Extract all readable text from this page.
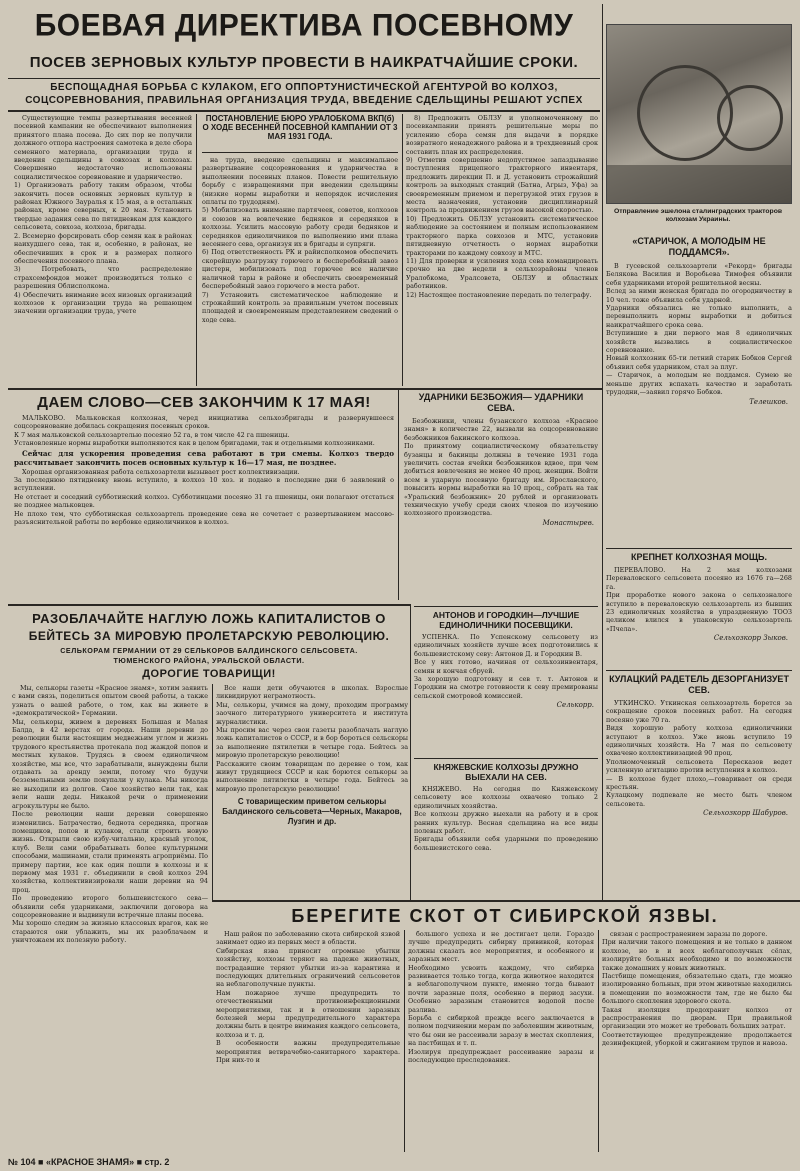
БОЕВАЯ ДИРЕКТИВА ПОСЕВНОМУ
ПОСЕВ ЗЕРНОВЫХ КУЛЬТУР ПРОВЕСТИ В НАИКРАТЧАЙШИЕ СРОКИ.
БЕСПОЩАДНАЯ БОРЬБА С КУЛАКОМ, ЕГО ОППОРТУНИСТИЧЕСКОЙ АГЕНТУРОЙ ВО КОЛХОЗ,
СОЦСОРЕВНОВАНИЯ, ПРАВИЛЬНАЯ ОРГАНИЗАЦИЯ ТРУДА, ВВЕДЕНИЕ СДЕЛЬЩИНЫ РЕШАЮТ УСПЕХ
Отправление эшелона сталинградских тракторов колхозам Украины.
Существующие темпы развертывания весенней посевной кампании не обеспечивают выполнения принятого плана посева. До сих пор не получили должного отпора настроения самотека в деле сбора семенного материала, организации труда и введения сдельщины в совхозах и колхозах. Совершенно недостаточно использованы социалистическое соревнование и ударничество.
1) Организовать работу таким образом, чтобы закончить посев основных зерновых культур в районах Южного Зауралья к 15 мая, а в остальных районах, кроме северных, к 20 мая. Установить твердые задания сева по пятидневкам для каждого сельсовета, совхоза, колхоза, бригады.
2. Всемерно форсировать сбор семян как в районах наихудшего сева, так и, особенно, в районах, не обеспечивших в срок и в размерах полного обеспечения посевного плана.
3) Потребовать, что распределение страхсемфондов может производиться только с разрешения Облисполкома.
4) Обеспечить внимание всех низовых организаций колхозов к организации труда на решающем значении организации труда, учете
ПОСТАНОВЛЕНИЕ БЮРО УРАЛОБКОМА ВКП(б) О ХОДЕ ВЕСЕННЕЙ ПОСЕВНОЙ КАМПАНИИ ОТ 3 МАЯ 1931 ГОДА.
на труда, введение сдельщины и максимальное развертывание соцсоревнования и ударничества в выполнении посевных планов. Повести решительную борьбу с извращениями при введении сдельщины (низкие нормы выработки и непорядок исчисления оплаты по трудодням).
5) Мобилизовать внимание партячеек, советов, колхозов и союзов на вовлечение бедняков и середняков в колхозы. Усилить массовую работу среди бедняков и середняков единоличников по выполнению ими плана весеннего сева, организуя их в бригады и супряги.
6) Под ответственность РК и райисполкомов обеспечить скорейшую разгрузку горючего и бесперебойный завоз цистерн, мобилизовать под горючее все наличие наличной тары в районе и обеспечить своевременный бесперебойный завоз горючего в места работ.
7) Установить систематическое наблюдение и строжайший контроль за правильным учетом посевных площадей и своевременным представлением сведений о ходе сева.
8) Предложить ОБЛЗУ и уполномоченному по посевкампании принять решительные меры по усилению сбора семян для выдачи в порядке возвратного ненадежного района и в трехдневный срок составить план их распределения.
9) Отметив совершенно недопустимое запаздывание поступления прицепного тракторного инвентаря, предложить дирекции П. и Д. установить строжайший контроль за выходных станций (Батна, Агрыз, Уфа) за своевременным приемом и перегрузкой этих грузов в места назначения, установив дисциплинарный контроль за продвижением грузов высокой скоростью.
10) Предложить ОБЛЗУ установить систематическое наблюдение за состоянием и полным использованием тракторного парка совхозов и МТС, установив пятидневную отчетность о нормах выработки тракторами по каждому совхозу и МТС.
11) Для проверки и усиления хода сева командировать срочно на две недели в сельхозрайоны членов Уралобкома, Уралсовета, ОБЛЗУ и областных работников.
12) Настоящее постановление передать по телеграфу.
«СТАРИЧОК, А МОЛОДЫМ НЕ ПОДДАМСЯ».
В гусевской сельхозартели «Рекорд» бригады Белякова Василия и Воробьева Тимофея объявили себя ударниками второй решительной весны.
Вслед за ними женская бригада по огородничеству в 10 чел. тоже объявила себя ударной.
Ударники обязались не только выполнить, а перевыполнить нормы выработки и добиться наикратчайшего срока сева.
Вступившие в дни первого мая 8 единоличных хозяйств вызвались в социалистическое соревнование.
Новый колхозник 65-ти летний старик Бобков Сергей объявил себя ударником, стал за плуг.
— Старичок, а молодым не поддамся. Сумею не меньше других вспахать качество и заработать трудодни,—заявил горячо Бобков.
Телешков.
КРЕПНЕТ КОЛХОЗНАЯ МОЩЬ.
ПЕРЕВАЛОВО. На 2 мая колхозами Переваловского сельсовета посеяно из 1676 га—268 га.
При проработке нового закона о сельхозналоге вступило в переваловскую сельхозартель из бывших 23 единоличных хозяйства в упраздненную ТООЗ целиком влился в упаковскую сельхозартель «Пчела».
Сельхозкорр Зыков.
КУЛАЦКИЙ РАДЕТЕЛЬ ДЕЗОРГАНИЗУЕТ СЕВ.
УТКИНСКО. Уткинская сельхозартель борется за сокращение сроков посевных работ. На сегодня посеяно уже 70 га.
Видя хорошую работу колхоза единоличники вступают в колхоз. Уже вновь вступило 19 единоличных хозяйств. На 7 мая по сельсовету охвачено коллективизацией 90 проц.
Уполномоченный сельсовета Пересказов ведет усиленную агитацию против вступления в колхоз.
— В колхозе будет плохо,—говаривает он среди крестьян.
Кулацкому подпевале не место быть членом сельсовета.
Сельхозкорр Шабуров.
ДАЕМ СЛОВО—СЕВ ЗАКОНЧИМ К 17 МАЯ!
МАЛЬКОВО. Мальковская колхозная, черед инициатива сельхозбригады и развернувшееся соцсоревнование добилась сокращения посевных сроков.
К 7 мая мальковской сельхозартелью посеяно 52 га, в том числе 42 га пшеницы.
Установленные нормы выработки выполняются как в целом бригадами, так и отдельными колхозниками.
Сейчас для ускорения проведения сева работают в три смены. Колхоз твердо рассчитывает закончить посев основных культур к 16—17 мая, не позднее.
Хорошая организованная работа сельхозартели вызывает рост коллективизации.
За последнюю пятидневку вновь вступило, в колхоз 10 хоз. и подано в последние дни 6 заявлений о вступлении.
Не отстает и соседний субботинский колхоз. Субботинцами посеяно 31 га пшеницы, они полагают отстаться не позднее мальковцев.
Не плохо тем, что субботинская сельхозартель проведение сева не сочетает с развертыванием массово-разъяснительной работы по вербовке единоличников в колхоз.
УДАРНИКИ БЕЗБОЖИЯ— УДАРНИКИ СЕВА.
Безбожники, члены бузанского колхоза «Красное знамя» в количестве 22, вызвали на соцсоревнование безбожников бакинского колхоза.
По принятому социалистическому обязательству бузанцы и бакинцы должны в течение 1931 года увеличить состав ячейки безбожников вдвое, при чем добиться вовлечения не менее 40 проц. женщин. Войти всем в ударную посевную бригаду им. Ярославского, повысить нормы выработки на 10 проц., собрать на так «Уральский безбожник» 20 рублей и организовать техническую учебу среди своих членов по изучению колхозного производства.
Монастырев.
АНТОНОВ И ГОРОДКИН—ЛУЧШИЕ ЕДИНОЛИЧНИКИ ПОСЕВЩИКИ.
УСПЕНКА. По Успенскому сельсовету из единоличных хозяйств лучше всех подготовились к большевистскому севу: Антонов Д. и Городкин В.
Все у них готово, начиная от сельхозинвентаря, семян и кончая сбруей.
За хорошую подготовку и сев т. т. Антонов и Городкин на смотре готовности к севу премированы сельской смотровой комиссией.
Селькорр.
КНЯЖЕВСКИЕ КОЛХОЗЫ ДРУЖНО ВЫЕХАЛИ НА СЕВ.
КНЯЖЕВО. На сегодня по Княжевскому сельсовету все колхозы охвачено только 2 единоличных хозяйства.
Все колхозы дружно выехали на работу и в срок ранних культур. Весная сдельщина на все виды полевых работ.
Бригады объявили себя ударными по проведению большевистского сева.
РАЗОБЛАЧАЙТЕ НАГЛУЮ ЛОЖЬ КАПИТАЛИСТОВ О
БЕЙТЕСЬ ЗА МИРОВУЮ ПРОЛЕТАРСКУЮ РЕВОЛЮЦИЮ.
СЕЛЬКОРАМ ГЕРМАНИИ ОТ 29 СЕЛЬКОРОВ БАЛДИНСКОГО СЕЛЬСОВЕТА.
ТЮМЕНСКОГО РАЙОНА, УРАЛЬСКОЙ ОБЛАСТИ.
ДОРОГИЕ ТОВАРИЩИ!
Мы, селькоры газеты «Красное знамя», хотим заявить с вами связь, поделиться опытом своей работы, а также узнать о вашей работе, о том, как вы живете в «демократической» Германии.
Мы, селькоры, живем в деревнях Большая и Малая Балда, в 42 верстах от города. Наши деревни до революции были настоящим медвежьим углом и жизнь трудового крестьянства протекала под жаждой попов и местных кулаков. Трудясь в своем единоличном хозяйстве, мы все, что зарабатывали, вынуждены были отдавать за аренду земли, потому что будучи безземельными землю покупали у кулака. Мы никогда не выходили из долгов. Свое хозяйство вели так, как вели наши деды. Никакой речи о применении агрокультуры не было.
После революции наши деревни совершенно изменились. Батрачество, беднота середняка, прогнав помещиков, попов и кулаков, стали строить новую жизнь. Открыли свою избу-читальню, красный уголок, клуб. Вели сами обрабатывать более культурными способами, машинами, стали применять агроприёмы. По примеру партии, все как один пошли в колхозы и к первому мая 1931 г. объединили в свой колхоз 294 хозяйства, коллективизировали наши деревни на 94 проц.
По проведению второго большевистского сева—объявили себя ударниками, заключили договора на соцсоревнование и выдвинули встречные планы посева.
Мы хорошо следим за жизнью классовых врагов, как не стараются они ублажить, мы их разоблачаем и уничтожаем их полезную работу.
Все наши дети обучаются в школах. Взрослые ликвидируют неграмотность.
Мы, селькоры, учимся на дому, проходим программу заочного литературного университета и института журналистики.
Мы просим вас через свои газеты разоблачать наглую ложь капиталистов о СССР, и в бор бороться сельскоры за выполнение пятилетки в четыре года. Бейтесь за мировую пролетарскую революцию!
Расскажите своим товарищам по деревне о том, как живут трудящиеся СССР и как борются селькоры за выполнение пятилетки в четыре года. Бейтесь за мировую пролетарскую революцию!
С товарищеским приветом селькоры Балдинского сельсовета—Черных, Макаров, Лузгин и др.
БЕРЕГИТЕ СКОТ ОТ СИБИРСКОЙ ЯЗВЫ.
Наш район по заболеванию скота сибирской язвой занимает одно из первых мест в области.
Сибирская язва приносит огромные убытки хозяйству, колхозы теряют на падеже животных, пострадавшие теряют убытки из-за карантина и последующих длительных ограничений сельсоветов на неблагополучные пункты.
Нам пожарное лучше предупредить то отечественными противоинфекционными мероприятиями, так и в отношении заразных болезней меры предупредительного характера должны быть в центре внимания каждого сельсовета, колхоза и т. д.
В особенности важны предупредительные мероприятия ветврачебно-санитарного характера. При них-то и
большого успеха и не достигает цели. Гораздо лучше предупредить сибирку прививкой, которая должны сказать все мероприятия, и особенного и заразных мест.
Необходимо усвоить каждому, что сибирка развивается только тогда, когда животное находится в неблагополучном пункте, именно тогда бывают почти заразные поля, особенно в период засухи. Особенно заразным становится водопой после разлива.
Борьба с сибиркой прежде всего заключается в полном подчинении мерам по заболевшим животным, что бы они не рассеивали заразу в местах скопления, на пастбищах и т. п.
Изолируя предупреждает рассеивание заразы и последующие преследования.
связан с распространением заразы по дороге.
При наличии такого помещения и не только в данном колхозе, но в и всех неблагополучных сёлах, изолируйте больных необходимо и по возможности также домашних у новых животных.
Пастбище помещения, обязательно сдать, где можно изолированно больных, при этом животные находились в помещении по возможности там, где не было бы большого скопления здорового скота.
Такая изоляция предохранит колхоз от распространения по дворам. При правильной организации это может не требовать больших затрат.
Соответствующее предупреждение продолжается дезинфекцией, уборкой и сжиганием трупов и навоза.
№ 104 ■ «КРАСНОЕ ЗНАМЯ» ■ стр. 2
